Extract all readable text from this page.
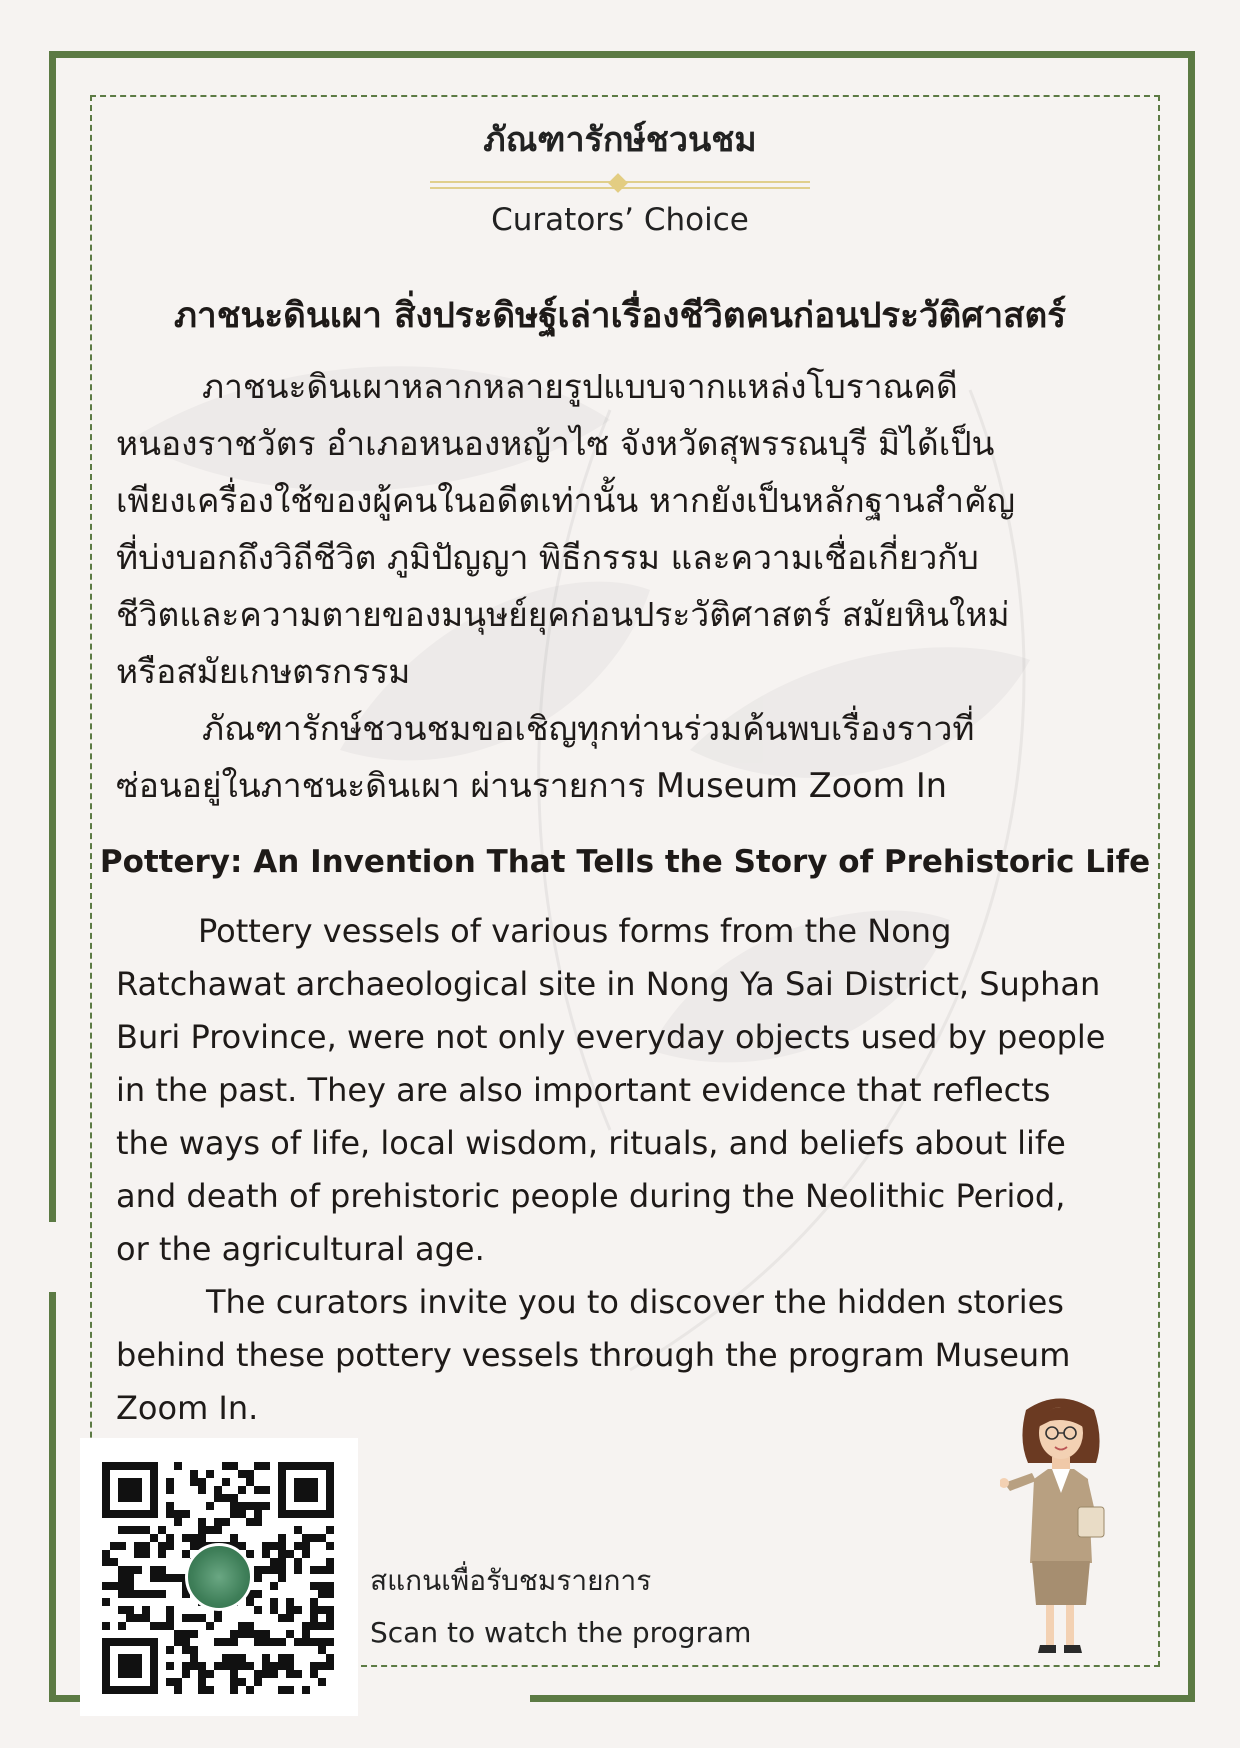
ภัณฑารักษ์ชวนชม
Curators’ Choice
ภาชนะดินเผา สิ่งประดิษฐ์เล่าเรื่องชีวิตคนก่อนประวัติศาสตร์
ภาชนะดินเผาหลากหลายรูปแบบจากแหล่งโบราณคดี
หนองราชวัตร อำเภอหนองหญ้าไซ จังหวัดสุพรรณบุรี มิได้เป็น
เพียงเครื่องใช้ของผู้คนในอดีตเท่านั้น หากยังเป็นหลักฐานสำคัญ
ที่บ่งบอกถึงวิถีชีวิต ภูมิปัญญา พิธีกรรม และความเชื่อเกี่ยวกับ
ชีวิตและความตายของมนุษย์ยุคก่อนประวัติศาสตร์ สมัยหินใหม่
หรือสมัยเกษตรกรรม
ภัณฑารักษ์ชวนชมขอเชิญทุกท่านร่วมค้นพบเรื่องราวที่
ซ่อนอยู่ในภาชนะดินเผา ผ่านรายการ Museum Zoom In
Pottery: An Invention That Tells the Story of Prehistoric Life
Pottery vessels of various forms from the Nong
Ratchawat archaeological site in Nong Ya Sai District, Suphan
Buri Province, were not only everyday objects used by people
in the past. They are also important evidence that reflects
the ways of life, local wisdom, rituals, and beliefs about life
and death of prehistoric people during the Neolithic Period,
or the agricultural age.
The curators invite you to discover the hidden stories
behind these pottery vessels through the program Museum
Zoom In.
สแกนเพื่อรับชมรายการ
Scan to watch the program
